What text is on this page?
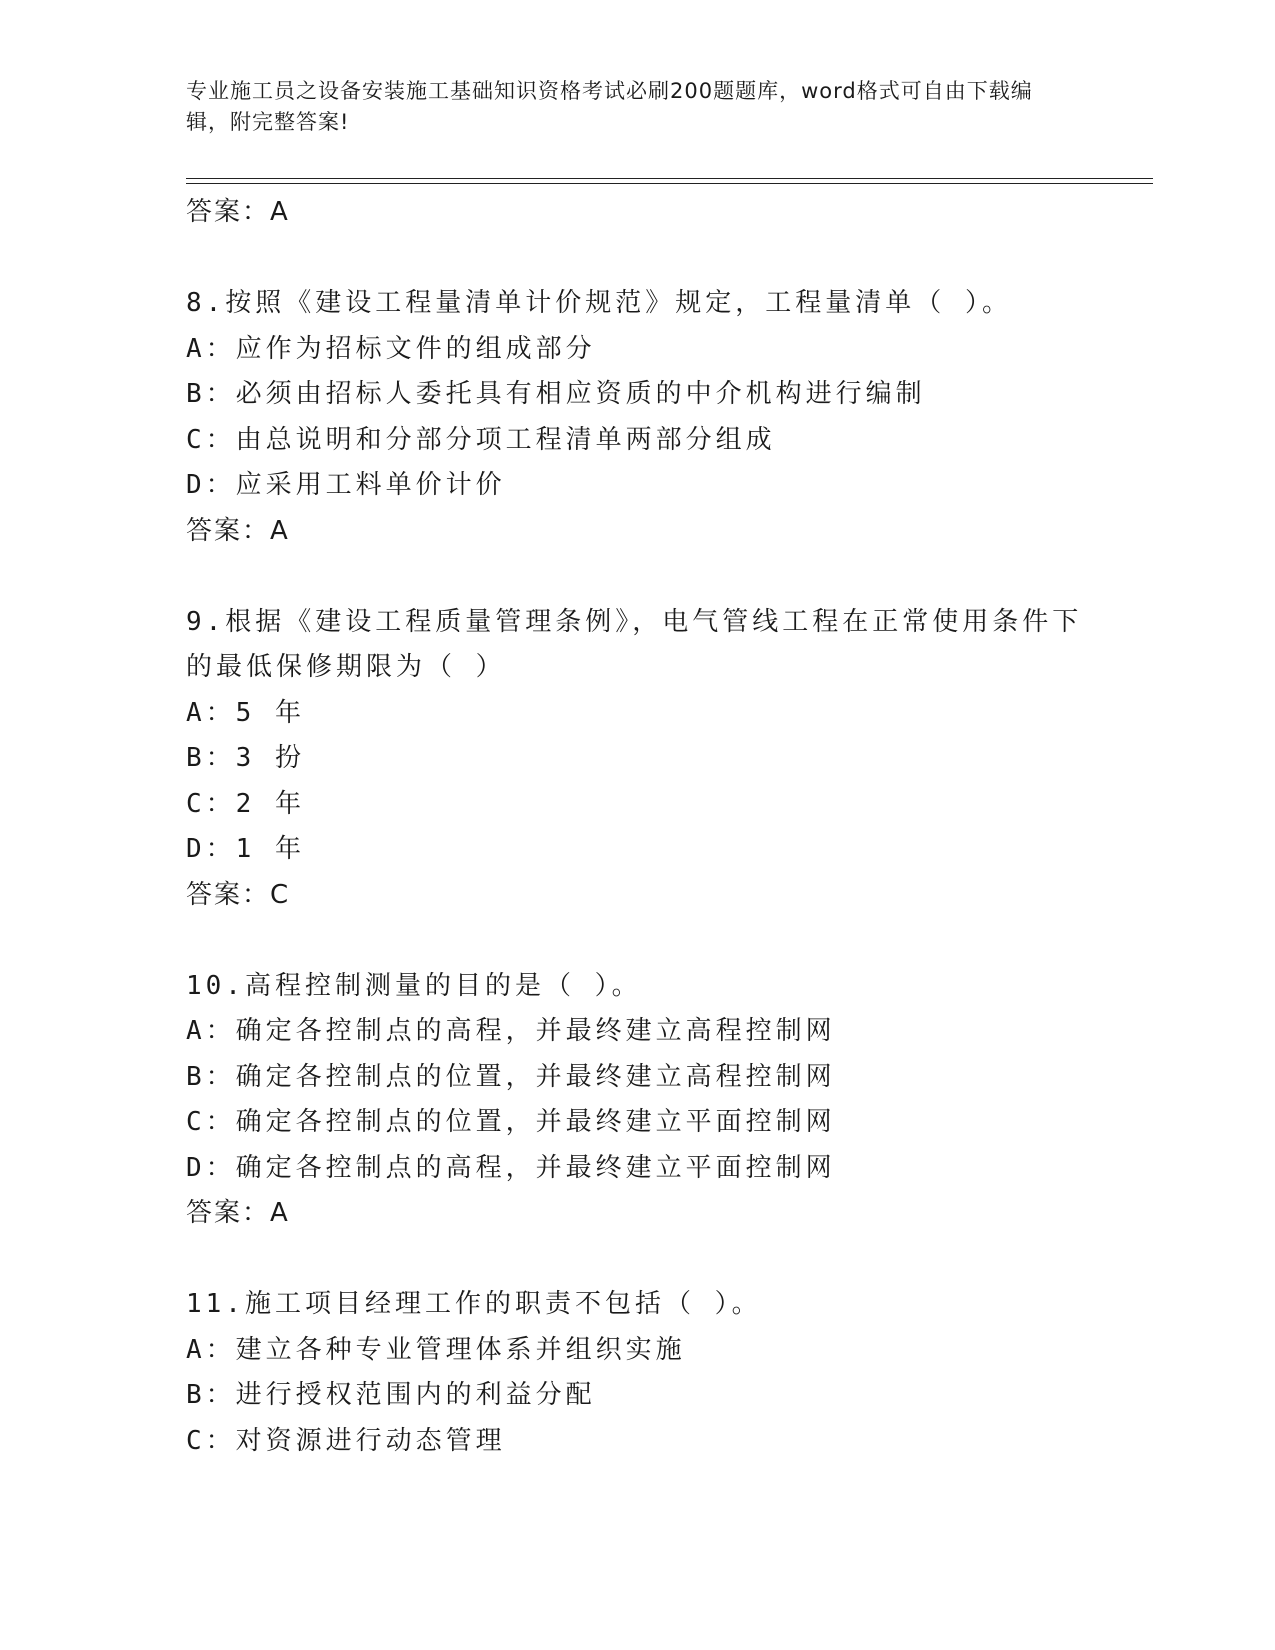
专业施工员之设备安装施工基础知识资格考试必刷200题题库，word格式可自由下载编辑，附完整答案!
答案：A
8.按照《建设工程量清单计价规范》规定，工程量清单（ ）。
A：应作为招标文件的组成部分
B：必须由招标人委托具有相应资质的中介机构进行编制
C：由总说明和分部分项工程清单两部分组成
D：应采用工料单价计价
答案：A
9.根据《建设工程质量管理条例》，电气管线工程在正常使用条件下
的最低保修期限为（ ）
A：5 年
B：3 扮
C：2 年
D：1 年
答案：C
10.高程控制测量的目的是（ ）。
A：确定各控制点的高程，并最终建立高程控制网
B：确定各控制点的位置，并最终建立高程控制网
C：确定各控制点的位置，并最终建立平面控制网
D：确定各控制点的高程，并最终建立平面控制网
答案：A
11.施工项目经理工作的职责不包括（ ）。
A：建立各种专业管理体系并组织实施
B：进行授权范围内的利益分配
C：对资源进行动态管理
